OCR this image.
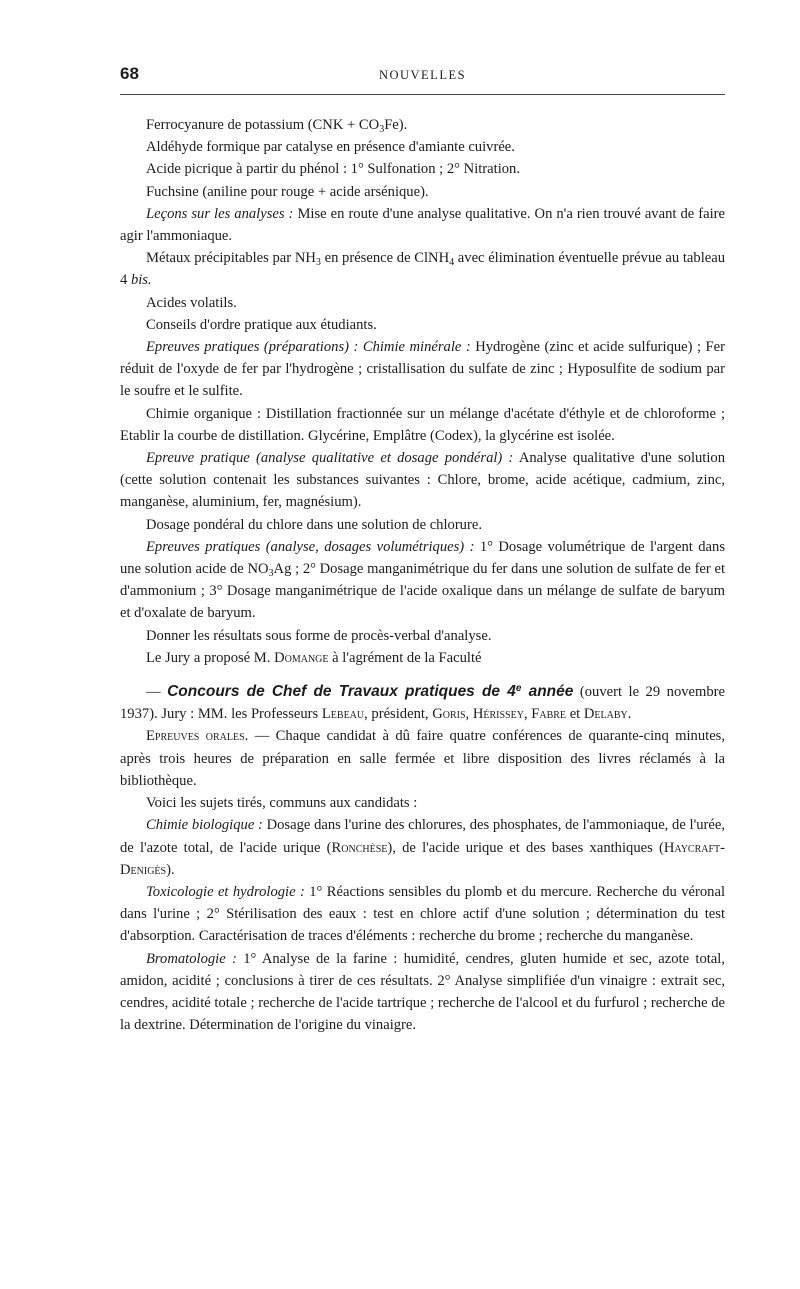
68	NOUVELLES

Ferrocyanure de potassium $(CNK + CO_3Fe)$.

Aldéhyde formique par catalyse en présence d'amiante cuivrée.

Acide picrique à partir du phénol : 1° Sulfonation ; 2° Nitration.

Fuchsine (aniline pour rouge + acide arsénique).

Leçons sur les analyses : Mise en route d'une analyse qualitative. On n'a rien trouvé avant de faire agir l'ammoniaque.

Métaux précipitables par $NH_3$ en présence de ClNH$_4$ avec élimination éventuelle prévue au tableau 4 bis.

Acides volatils.

Conseils d'ordre pratique aux étudiants.

Epreuves pratiques (préparations) : Chimie minérale : Hydrogène (zinc et acide sulfurique) ; Fer réduit de l'oxyde de fer par l'hydrogène ; cristallisation du sulfate de zinc ; Hyposulfite de sodium par le soufre et le sulfite.

Chimie organique : Distillation fractionnée sur un mélange d'acétate d'éthyle et de chloroforme ; Etablir la courbe de distillation. Glycérine, Emplâtre (Codex), la glycérine est isolée.

Epreuve pratique (analyse qualitative et dosage pondéral) : Analyse qualitative d'une solution (cette solution contenait les substances suivantes : Chlore, brome, acide acétique, cadmium, zinc, manganèse, aluminium, fer, magnésium).

Dosage pondéral du chlore dans une solution de chlorure.

Epreuves pratiques (analyse, dosages volumétriques) : 1° Dosage volumétrique de l'argent dans une solution acide de $NO_3Ag$ ; 2° Dosage manganimétrique du fer dans une solution de sulfate de fer et d'ammonium ; 3° Dosage manganimétrique de l'acide oxalique dans un mélange de sulfate de baryum et d'oxalate de baryum.

Donner les résultats sous forme de procès-verbal d'analyse.

Le Jury a proposé M. Domange à l'agrément de la Faculté

— Concours de Chef de Travaux pratiques de 4e année (ouvert le 29 novembre 1937). Jury : MM. les Professeurs Lebeau, président, Goris, Hérissey, Fabre et Delaby.

Epreuves orales. — Chaque candidat à dû faire quatre conférences de quarante-cinq minutes, après trois heures de préparation en salle fermée et libre disposition des livres réclamés à la bibliothèque.

Voici les sujets tirés, communs aux candidats :

Chimie biologique : Dosage dans l'urine des chlorures, des phosphates, de l'ammoniaque, de l'urée, de l'azote total, de l'acide urique (Ronchèse), de l'acide urique et des bases xanthiques (Haycraft-Denigès).

Toxicologie et hydrologie : 1° Réactions sensibles du plomb et du mercure. Recherche du véronal dans l'urine ; 2° Stérilisation des eaux : test en chlore actif d'une solution ; détermination du test d'absorption. Caractérisation de traces d'éléments : recherche du brome ; recherche du manganèse.

Bromatologie : 1° Analyse de la farine : humidité, cendres, gluten humide et sec, azote total, amidon, acidité ; conclusions à tirer de ces résultats. 2° Analyse simplifiée d'un vinaigre : extrait sec, cendres, acidité totale ; recherche de l'acide tartrique ; recherche de l'alcool et du furfurol ; recherche de la dextrine. Détermination de l'origine du vinaigre.
